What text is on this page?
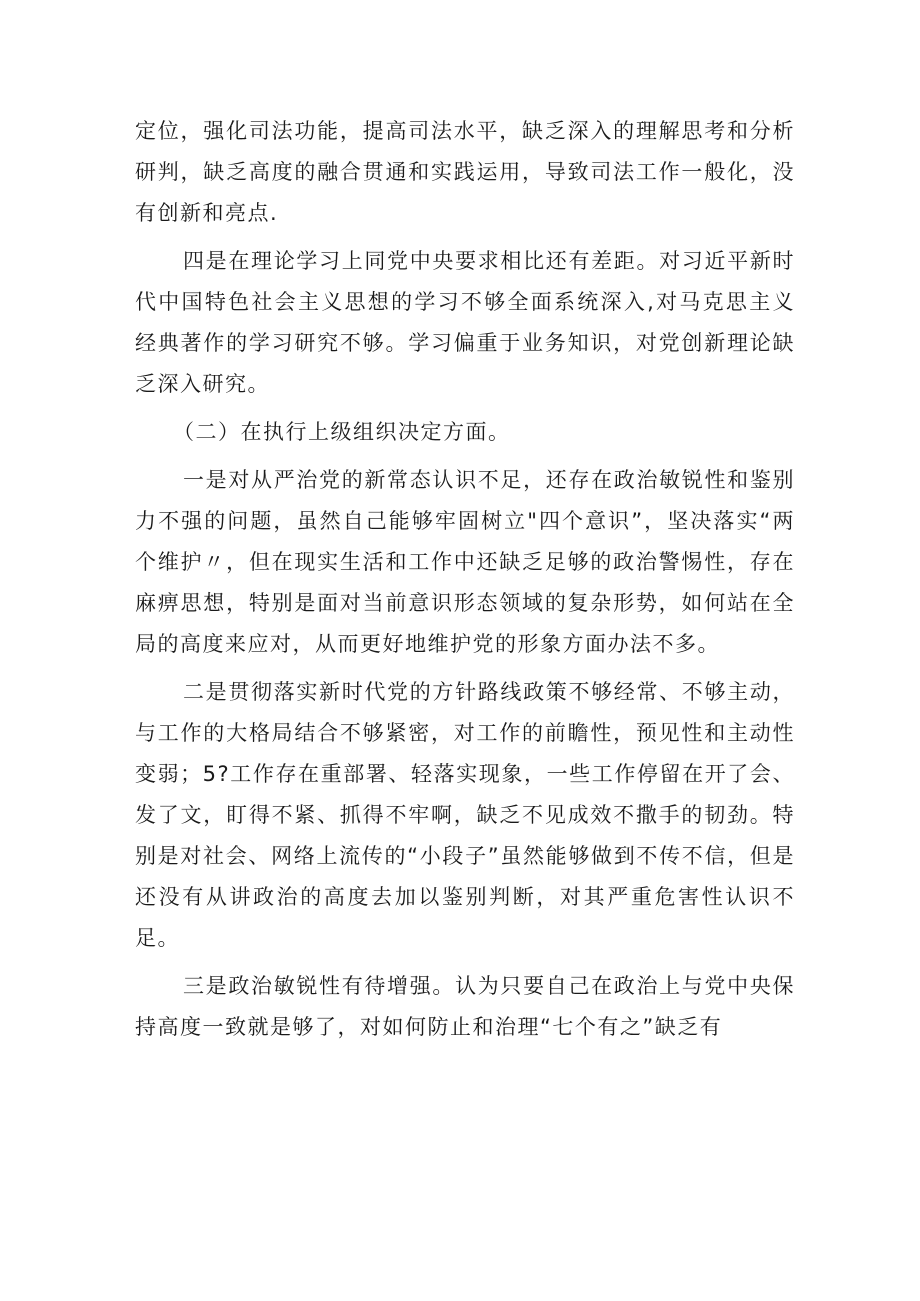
定位，强化司法功能，提高司法水平，缺乏深入的理解思考和分析研判，缺乏高度的融合贯通和实践运用，导致司法工作一般化，没有创新和亮点.

四是在理论学习上同党中央要求相比还有差距。对习近平新时代中国特色社会主义思想的学习不够全面系统深入,对马克思主义经典著作的学习研究不够。学习偏重于业务知识，对党创新理论缺乏深入研究。

（二）在执行上级组织决定方面。

一是对从严治党的新常态认识不足，还存在政治敏锐性和鉴别力不强的问题，虽然自己能够牢固树立"四个意识”，坚决落实“两个维护〃，但在现实生活和工作中还缺乏足够的政治警惕性，存在麻痹思想，特别是面对当前意识形态领域的复杂形势，如何站在全局的高度来应对，从而更好地维护党的形象方面办法不多。

二是贯彻落实新时代党的方针路线政策不够经常、不够主动，与工作的大格局结合不够紧密，对工作的前瞻性，预见性和主动性变弱；5?工作存在重部署、轻落实现象，一些工作停留在开了会、发了文，盯得不紧、抓得不牢啊，缺乏不见成效不撒手的韧劲。特别是对社会、网络上流传的“小段子”虽然能够做到不传不信，但是还没有从讲政治的高度去加以鉴别判断，对其严重危害性认识不足。

三是政治敏锐性有待增强。认为只要自己在政治上与党中央保持高度一致就是够了，对如何防止和治理“七个有之”缺乏有
